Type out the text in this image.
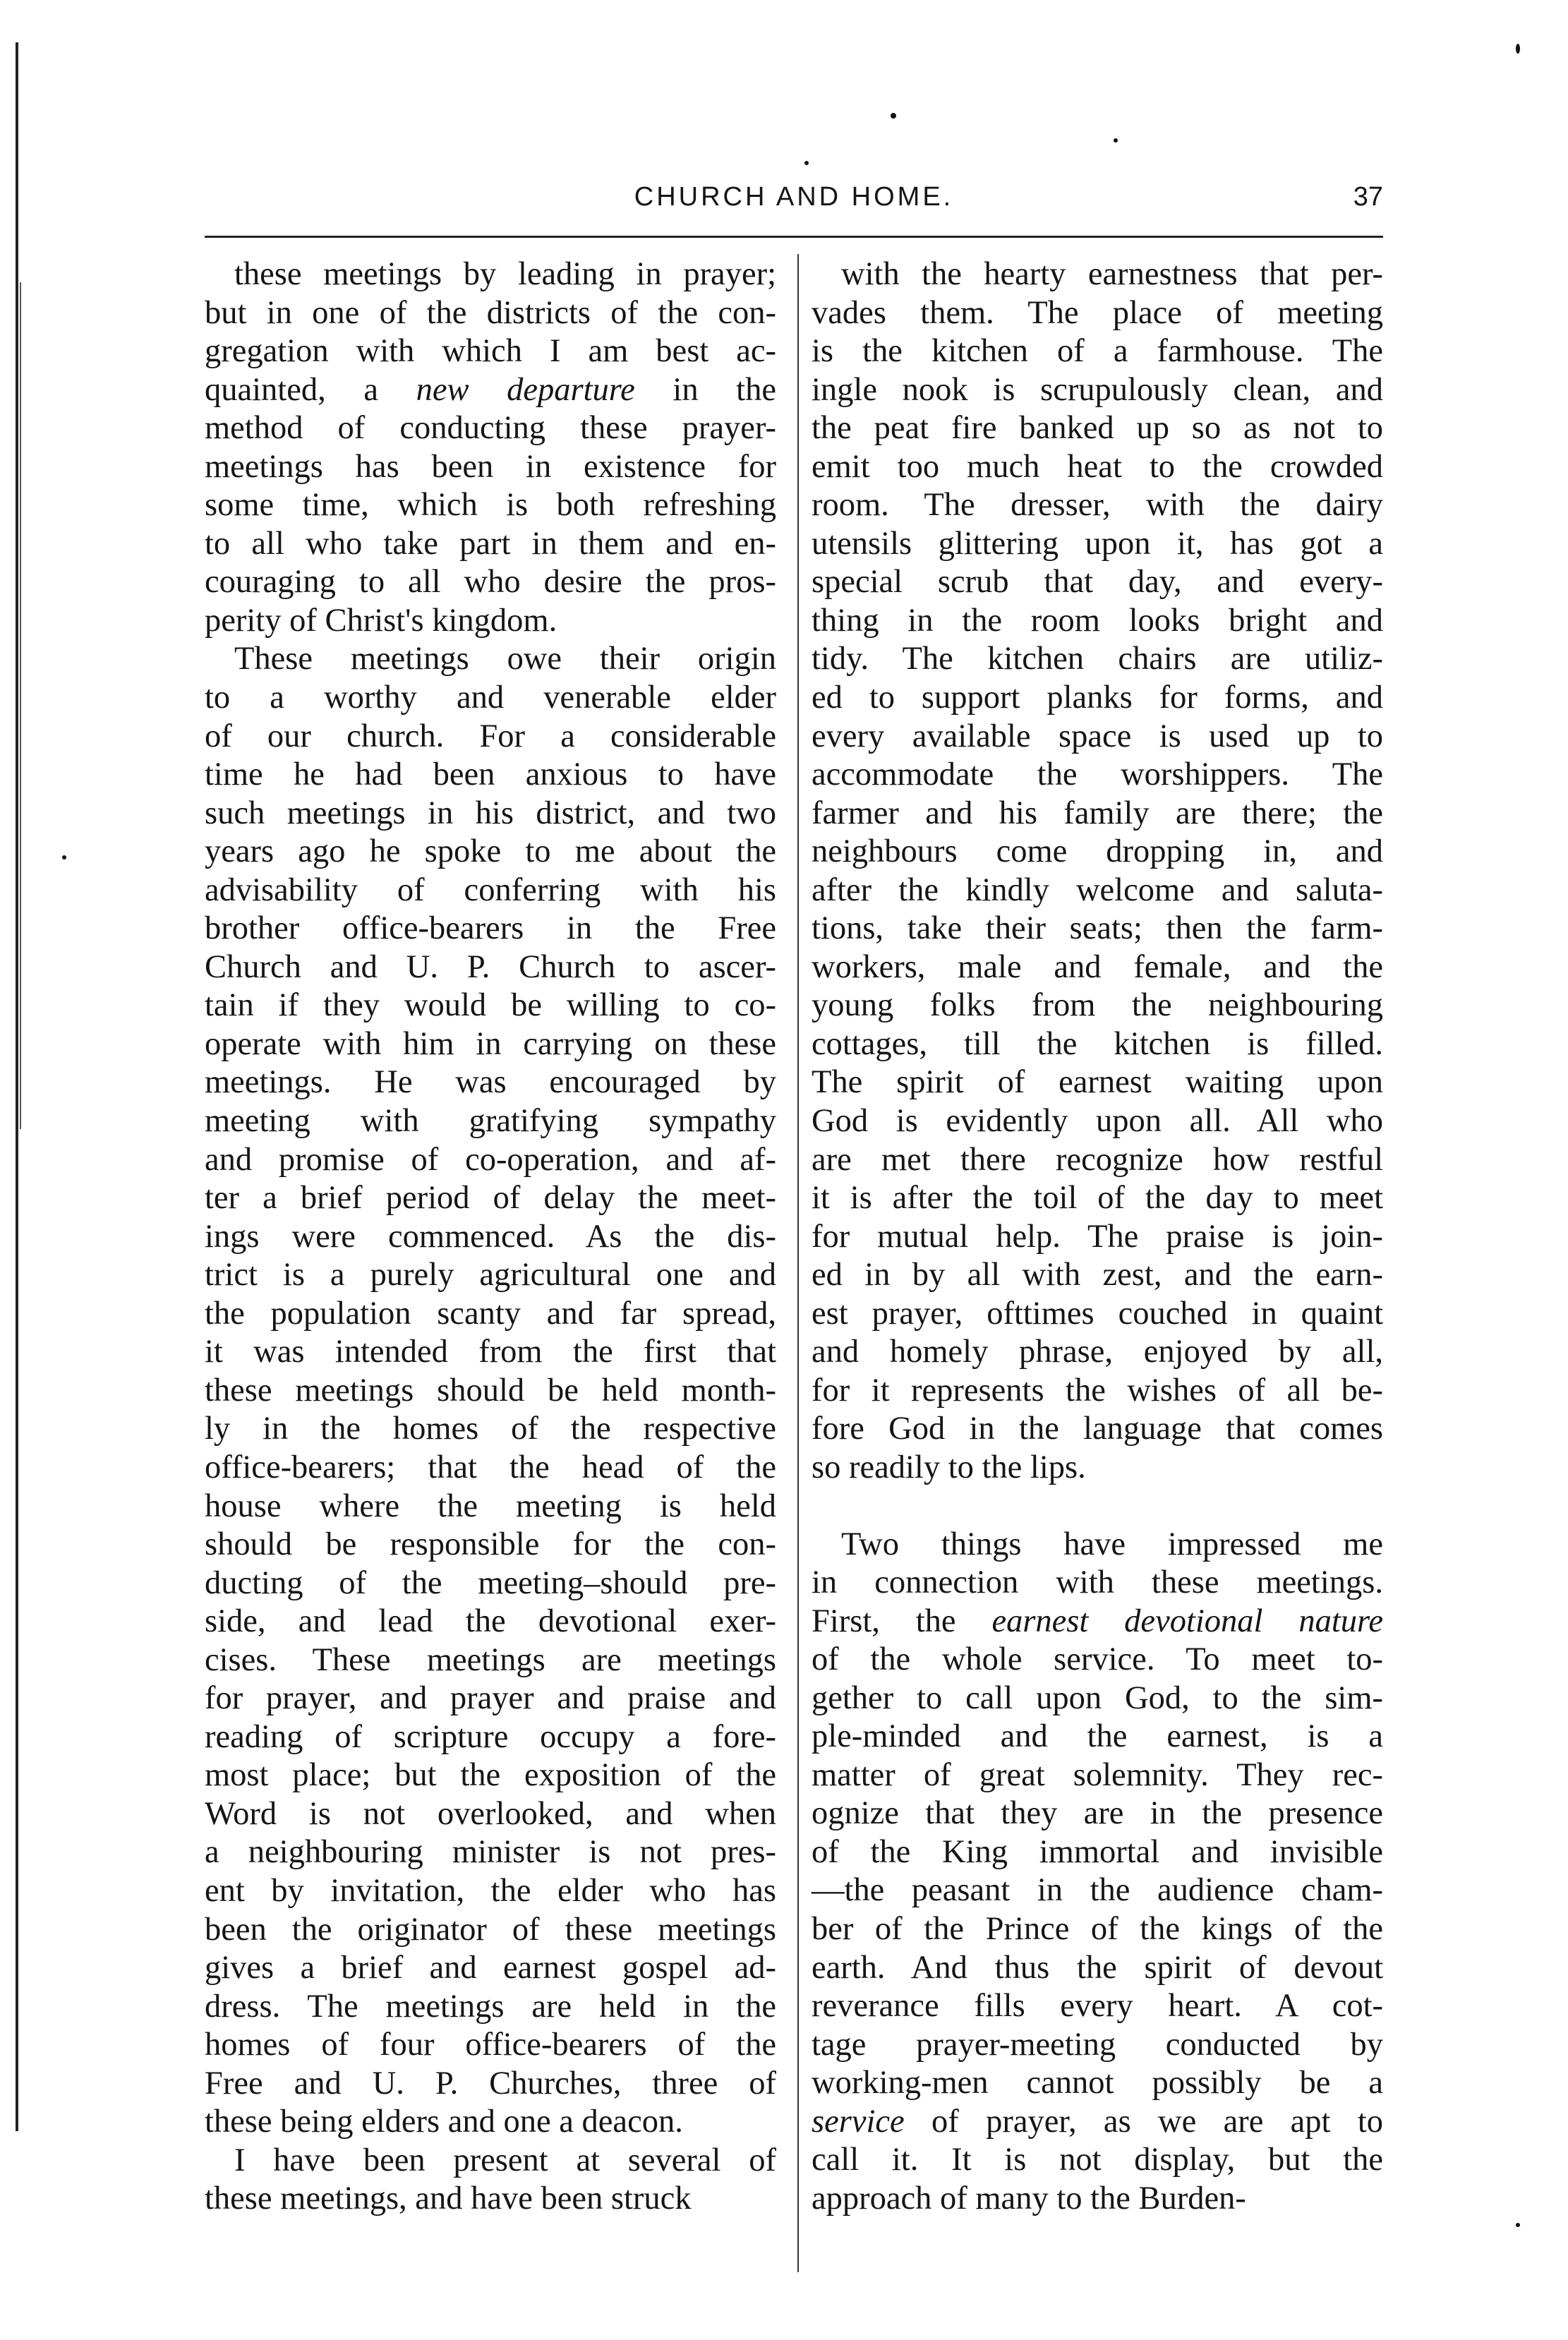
CHURCH AND HOME.	37
these meetings by leading in prayer;
but in one of the districts of the con-
gregation with which I am best ac-
quainted, a new departure in the
method of conducting these prayer-
meetings has been in existence for
some time, which is both refreshing
to all who take part in them and en-
couraging to all who desire the pros-
perity of Christ's kingdom.
These meetings owe their origin
to a worthy and venerable elder
of our church. For a considerable
time he had been anxious to have
such meetings in his district, and two
years ago he spoke to me about the
advisability of conferring with his
brother office-bearers in the Free
Church and U. P. Church to ascer-
tain if they would be willing to co-
operate with him in carrying on these
meetings. He was encouraged by
meeting with gratifying sympathy
and promise of co-operation, and af-
ter a brief period of delay the meet-
ings were commenced. As the dis-
trict is a purely agricultural one and
the population scanty and far spread,
it was intended from the first that
these meetings should be held month-
ly in the homes of the respective
office-bearers; that the head of the
house where the meeting is held
should be responsible for the con-
ducting of the meeting–should pre-
side, and lead the devotional exer-
cises. These meetings are meetings
for prayer, and prayer and praise and
reading of scripture occupy a fore-
most place; but the exposition of the
Word is not overlooked, and when
a neighbouring minister is not pres-
ent by invitation, the elder who has
been the originator of these meetings
gives a brief and earnest gospel ad-
dress. The meetings are held in the
homes of four office-bearers of the
Free and U. P. Churches, three of
these being elders and one a deacon.
I have been present at several of
these meetings, and have been struck
with the hearty earnestness that per-
vades them. The place of meeting
is the kitchen of a farmhouse. The
ingle nook is scrupulously clean, and
the peat fire banked up so as not to
emit too much heat to the crowded
room. The dresser, with the dairy
utensils glittering upon it, has got a
special scrub that day, and every-
thing in the room looks bright and
tidy. The kitchen chairs are utiliz-
ed to support planks for forms, and
every available space is used up to
accommodate the worshippers. The
farmer and his family are there; the
neighbours come dropping in, and
after the kindly welcome and saluta-
tions, take their seats; then the farm-
workers, male and female, and the
young folks from the neighbouring
cottages, till the kitchen is filled.
The spirit of earnest waiting upon
God is evidently upon all. All who
are met there recognize how restful
it is after the toil of the day to meet
for mutual help. The praise is join-
ed in by all with zest, and the earn-
est prayer, ofttimes couched in quaint
and homely phrase, enjoyed by all,
for it represents the wishes of all be-
fore God in the language that comes
so readily to the lips.
Two things have impressed me
in connection with these meetings.
First, the earnest devotional nature
of the whole service. To meet to-
gether to call upon God, to the sim-
ple-minded and the earnest, is a
matter of great solemnity. They rec-
ognize that they are in the presence
of the King immortal and invisible
—the peasant in the audience cham-
ber of the Prince of the kings of the
earth. And thus the spirit of devout
reverance fills every heart. A cot-
tage prayer-meeting conducted by
working-men cannot possibly be a
service of prayer, as we are apt to
call it. It is not display, but the
approach of many to the Burden-
